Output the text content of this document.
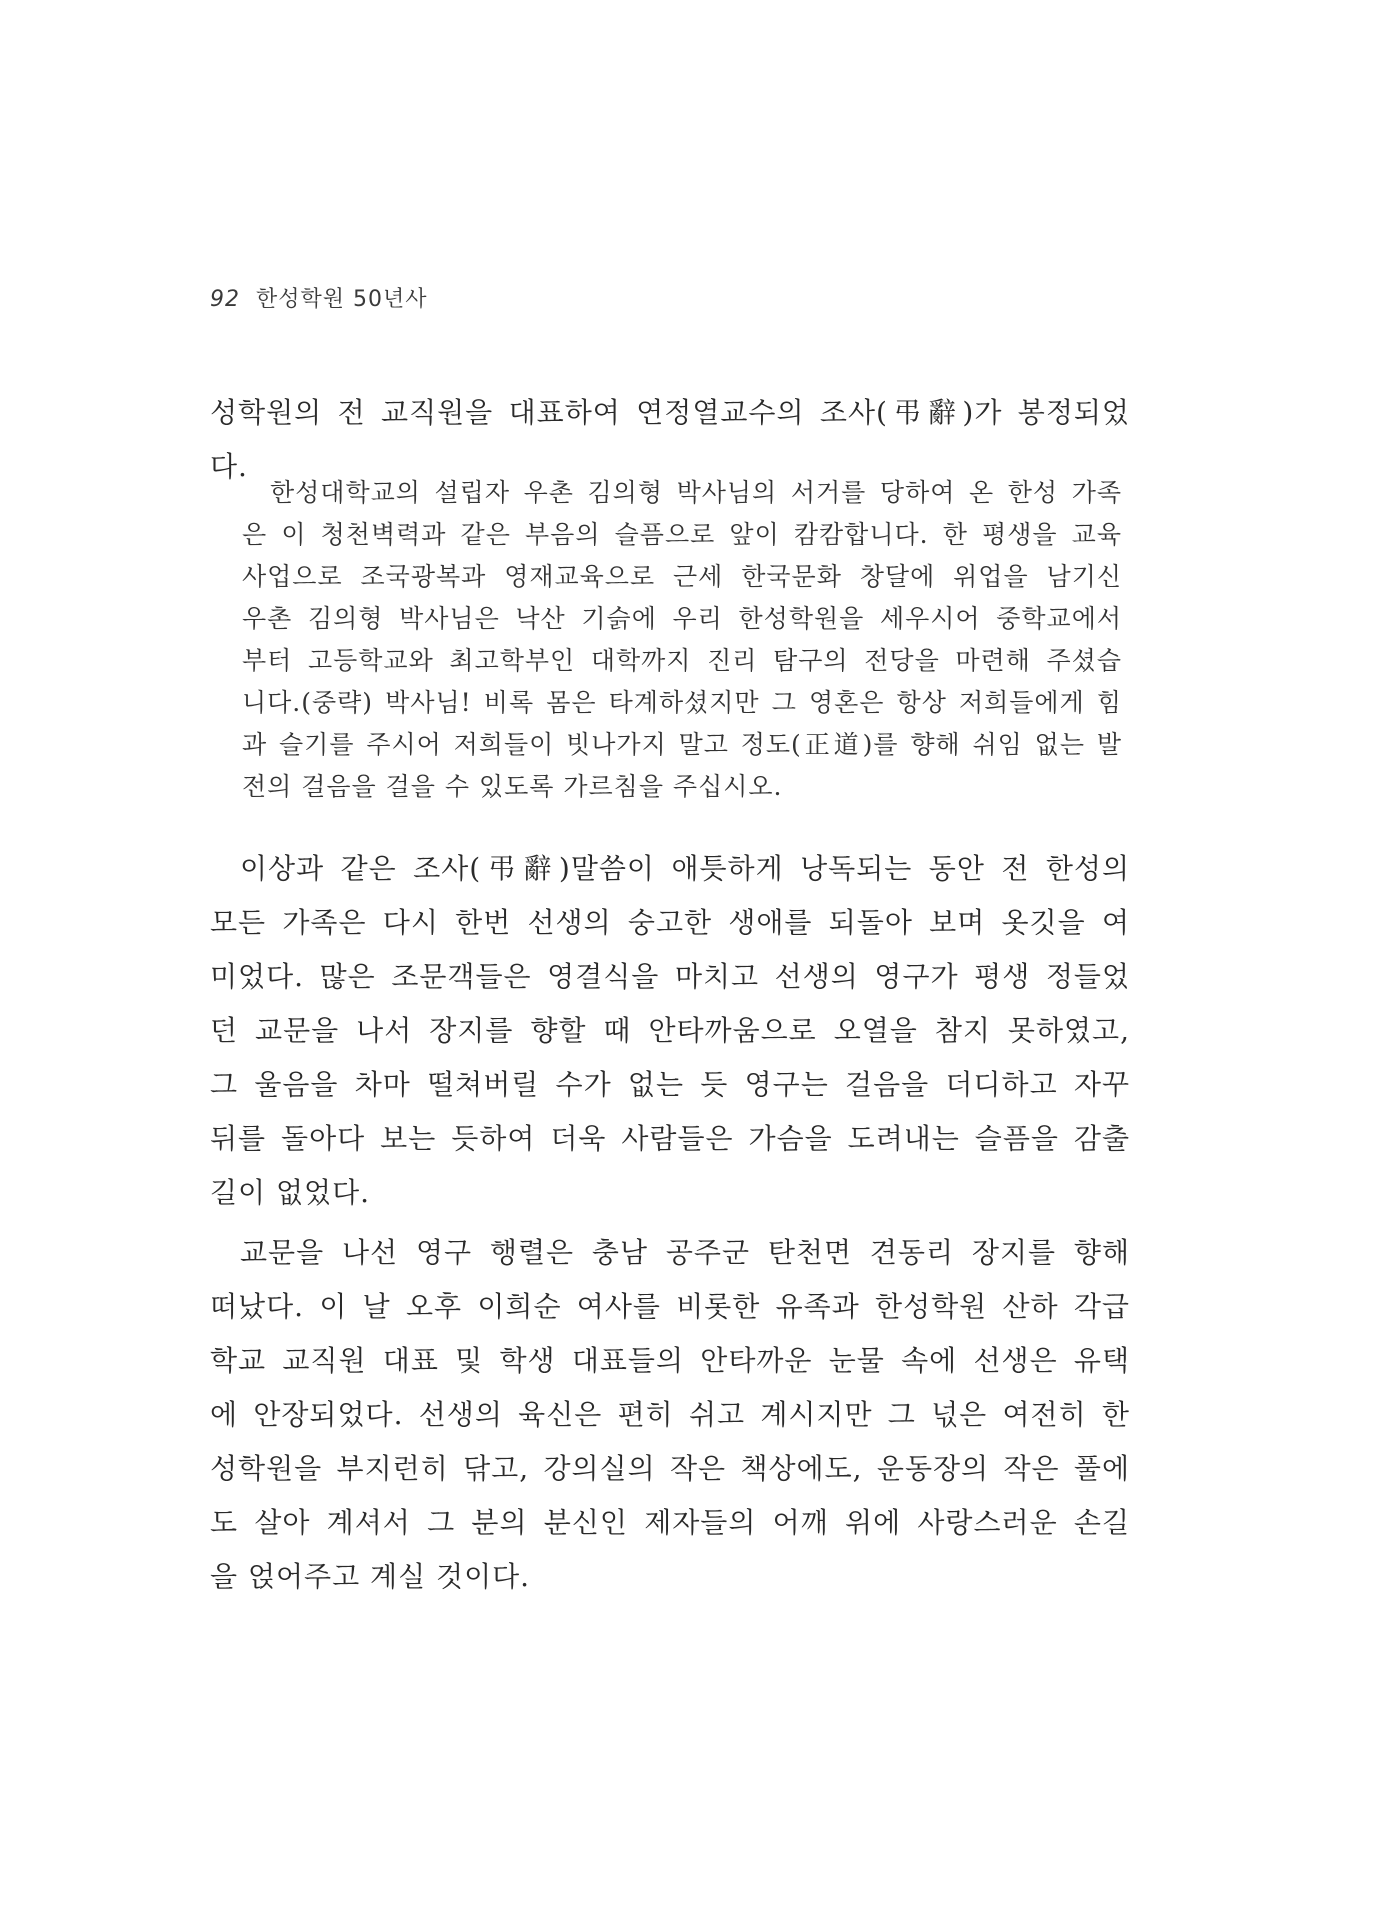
92 한성학원 50년사
성학원의 전 교직원을 대표하여 연정열교수의 조사(弔辭)가 봉정되었
다.
한성대학교의 설립자 우촌 김의형 박사님의 서거를 당하여 온 한성 가족
은 이 청천벽력과 같은 부음의 슬픔으로 앞이 캄캄합니다. 한 평생을 교육
사업으로 조국광복과 영재교육으로 근세 한국문화 창달에 위업을 남기신
우촌 김의형 박사님은 낙산 기슭에 우리 한성학원을 세우시어 중학교에서
부터 고등학교와 최고학부인 대학까지 진리 탐구의 전당을 마련해 주셨습
니다.(중략) 박사님! 비록 몸은 타계하셨지만 그 영혼은 항상 저희들에게 힘
과 슬기를 주시어 저희들이 빗나가지 말고 정도(正道)를 향해 쉬임 없는 발
전의 걸음을 걸을 수 있도록 가르침을 주십시오.
이상과 같은 조사(弔辭)말씀이 애틋하게 낭독되는 동안 전 한성의
모든 가족은 다시 한번 선생의 숭고한 생애를 되돌아 보며 옷깃을 여
미었다. 많은 조문객들은 영결식을 마치고 선생의 영구가 평생 정들었
던 교문을 나서 장지를 향할 때 안타까움으로 오열을 참지 못하였고,
그 울음을 차마 떨쳐버릴 수가 없는 듯 영구는 걸음을 더디하고 자꾸
뒤를 돌아다 보는 듯하여 더욱 사람들은 가슴을 도려내는 슬픔을 감출
길이 없었다.
교문을 나선 영구 행렬은 충남 공주군 탄천면 견동리 장지를 향해
떠났다. 이 날 오후 이희순 여사를 비롯한 유족과 한성학원 산하 각급
학교 교직원 대표 및 학생 대표들의 안타까운 눈물 속에 선생은 유택
에 안장되었다. 선생의 육신은 편히 쉬고 계시지만 그 넋은 여전히 한
성학원을 부지런히 닦고, 강의실의 작은 책상에도, 운동장의 작은 풀에
도 살아 계셔서 그 분의 분신인 제자들의 어깨 위에 사랑스러운 손길
을 얹어주고 계실 것이다.
